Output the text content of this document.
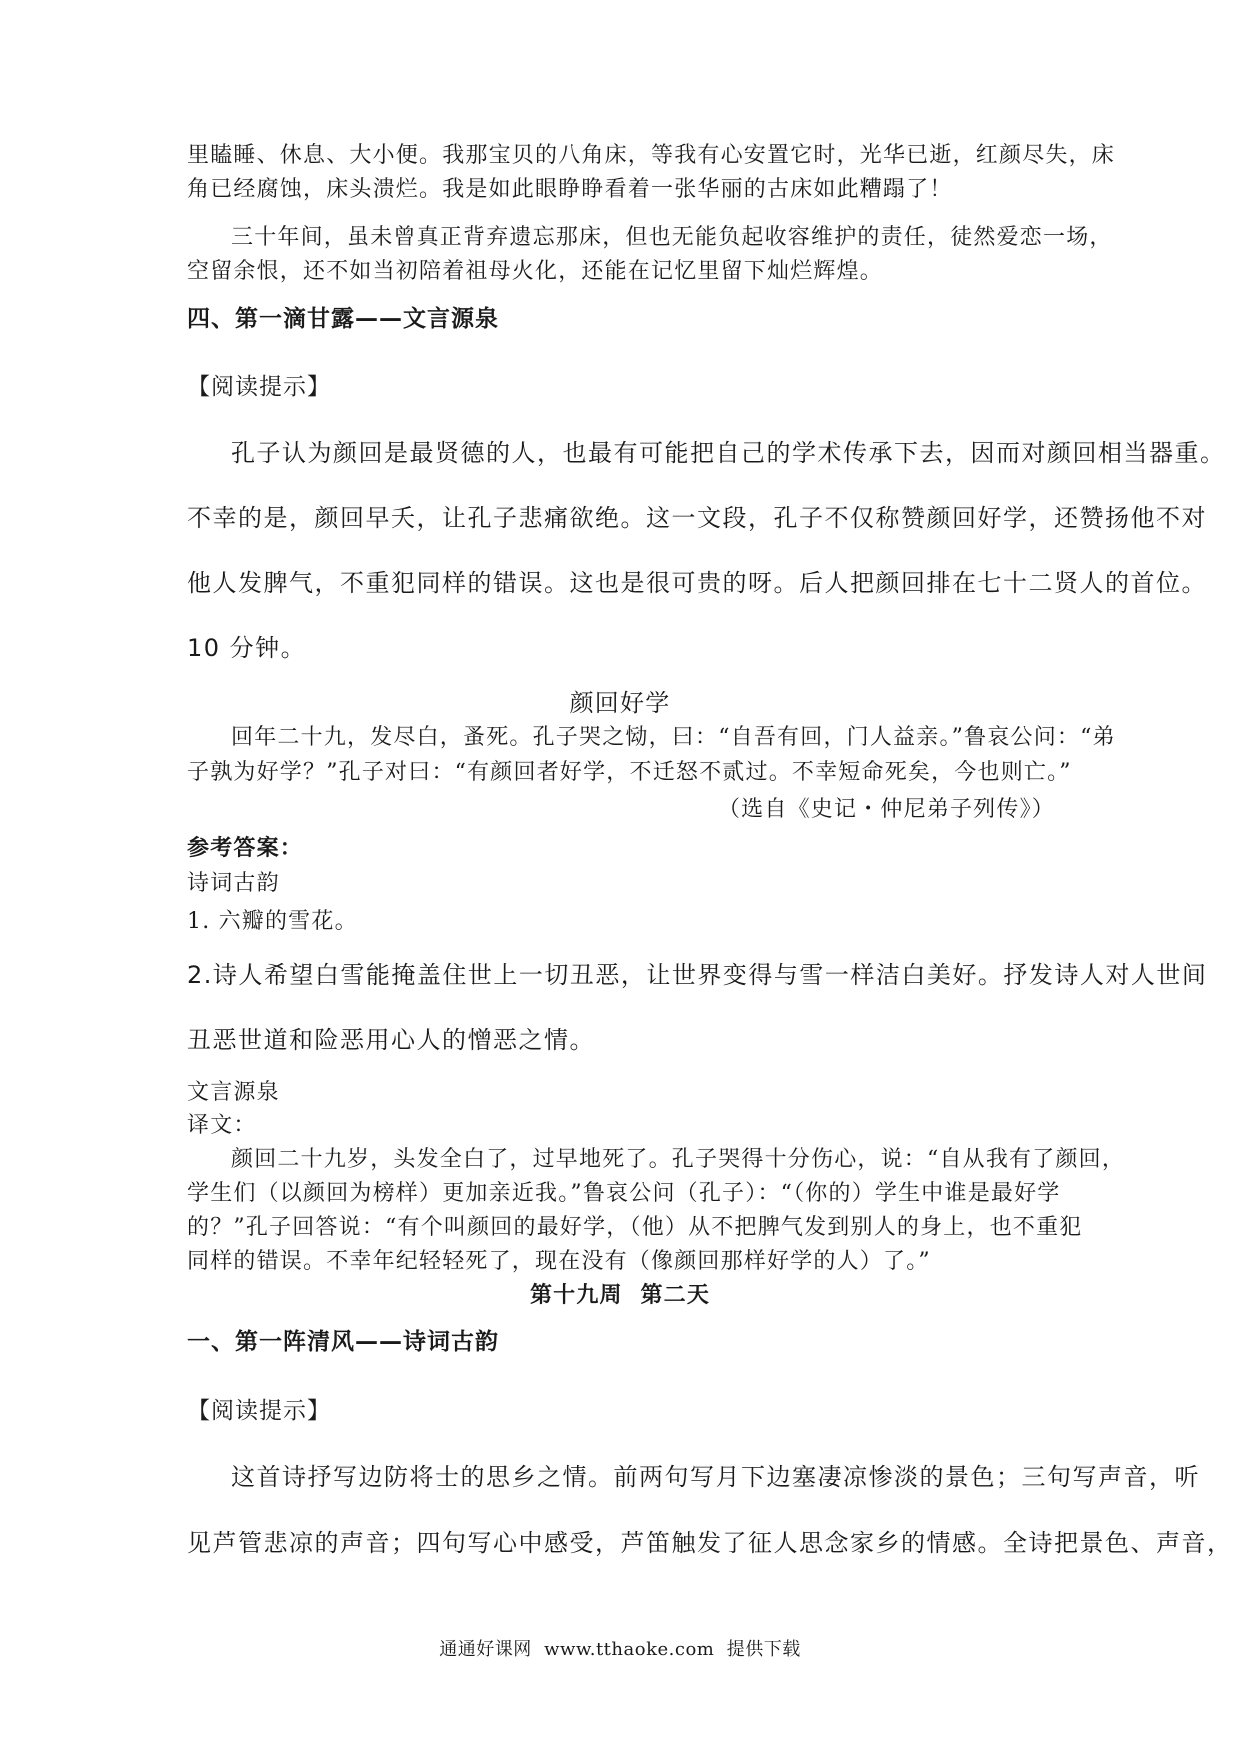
里瞌睡、休息、大小便。我那宝贝的八角床，等我有心安置它时，光华已逝，红颜尽失，床
角已经腐蚀，床头溃烂。我是如此眼睁睁看着一张华丽的古床如此糟蹋了！
三十年间，虽未曾真正背弃遗忘那床，但也无能负起收容维护的责任，徒然爱恋一场，
空留余恨，还不如当初陪着祖母火化，还能在记忆里留下灿烂辉煌。
四、第一滴甘露——文言源泉
【阅读提示】
孔子认为颜回是最贤德的人，也最有可能把自己的学术传承下去，因而对颜回相当器重。
不幸的是，颜回早夭，让孔子悲痛欲绝。这一文段，孔子不仅称赞颜回好学，还赞扬他不对
他人发脾气，不重犯同样的错误。这也是很可贵的呀。后人把颜回排在七十二贤人的首位。
10 分钟。
颜回好学
回年二十九，发尽白，蚤死。孔子哭之恸，曰：“自吾有回，门人益亲。”鲁哀公问：“弟
子孰为好学？”孔子对曰：“有颜回者好学，不迁怒不贰过。不幸短命死矣，今也则亡。”
（选自《史记・仲尼弟子列传》）
参考答案：
诗词古韵
1. 六瓣的雪花。
2.诗人希望白雪能掩盖住世上一切丑恶，让世界变得与雪一样洁白美好。抒发诗人对人世间
丑恶世道和险恶用心人的憎恶之情。
文言源泉
译文：
颜回二十九岁，头发全白了，过早地死了。孔子哭得十分伤心，说：“自从我有了颜回，
学生们（以颜回为榜样）更加亲近我。”鲁哀公问（孔子）：“（你的）学生中谁是最好学
的？”孔子回答说：“有个叫颜回的最好学，（他）从不把脾气发到别人的身上，也不重犯
同样的错误。不幸年纪轻轻死了，现在没有（像颜回那样好学的人）了。”
第十九周  第二天
一、第一阵清风——诗词古韵
【阅读提示】
这首诗抒写边防将士的思乡之情。前两句写月下边塞凄凉惨淡的景色；三句写声音，听
见芦管悲凉的声音；四句写心中感受，芦笛触发了征人思念家乡的情感。全诗把景色、声音，
通通好课网  www.tthaoke.com  提供下载
